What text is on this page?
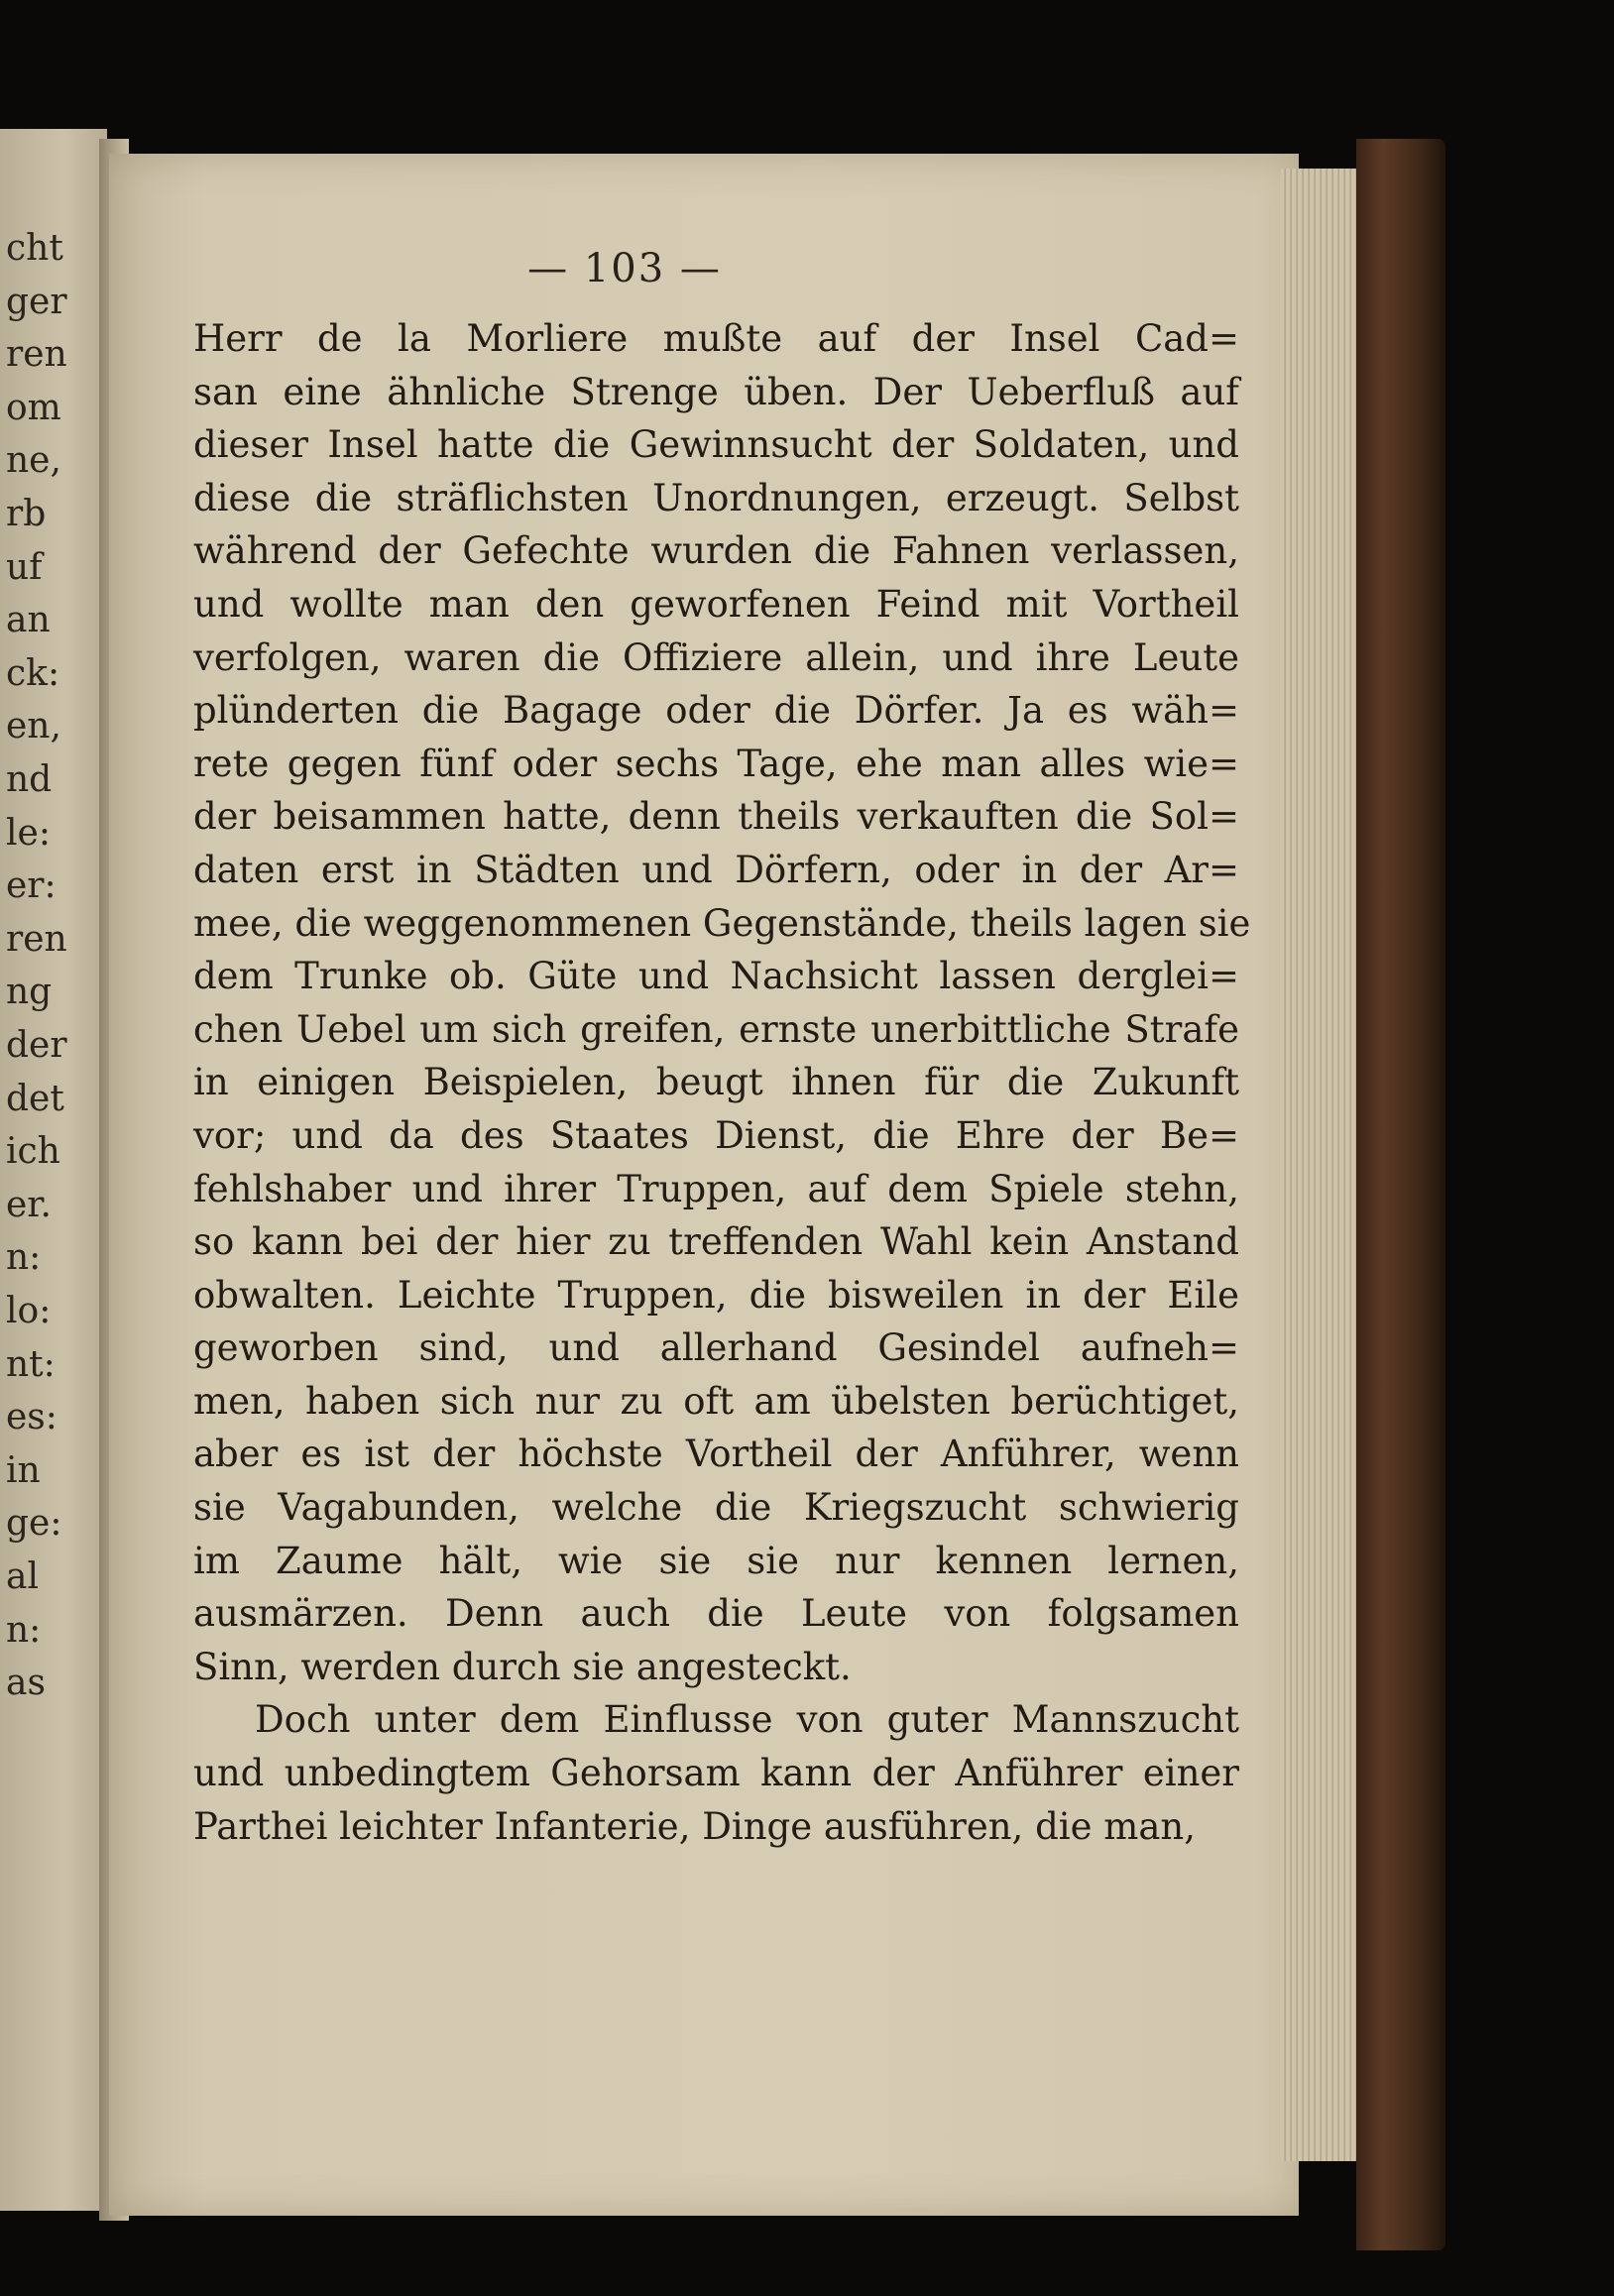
cht
ger
ren
om
ne,
rb
uf
an
ck:
en,
nd
le:
er:
ren
ng
der
det
ich
er.
n:
lo:
nt:
es:
in
ge:
al
n:
as
— 103 —
Herr de la Morliere mußte auf der Insel Cad=
san eine ähnliche Strenge üben. Der Ueberfluß auf
dieser Insel hatte die Gewinnsucht der Soldaten, und
diese die sträflichsten Unordnungen, erzeugt. Selbst
während der Gefechte wurden die Fahnen verlassen,
und wollte man den geworfenen Feind mit Vortheil
verfolgen, waren die Offiziere allein, und ihre Leute
plünderten die Bagage oder die Dörfer. Ja es wäh=
rete gegen fünf oder sechs Tage, ehe man alles wie=
der beisammen hatte, denn theils verkauften die Sol=
daten erst in Städten und Dörfern, oder in der Ar=
mee, die weggenommenen Gegenstände, theils lagen sie
dem Trunke ob. Güte und Nachsicht lassen derglei=
chen Uebel um sich greifen, ernste unerbittliche Strafe
in einigen Beispielen, beugt ihnen für die Zukunft
vor; und da des Staates Dienst, die Ehre der Be=
fehlshaber und ihrer Truppen, auf dem Spiele stehn,
so kann bei der hier zu treffenden Wahl kein Anstand
obwalten. Leichte Truppen, die bisweilen in der Eile
geworben sind, und allerhand Gesindel aufneh=
men, haben sich nur zu oft am übelsten berüchtiget,
aber es ist der höchste Vortheil der Anführer, wenn
sie Vagabunden, welche die Kriegszucht schwierig
im Zaume hält, wie sie sie nur kennen lernen,
ausmärzen. Denn auch die Leute von folgsamen
Sinn, werden durch sie angesteckt.
Doch unter dem Einflusse von guter Mannszucht
und unbedingtem Gehorsam kann der Anführer einer
Parthei leichter Infanterie, Dinge ausführen, die man,
